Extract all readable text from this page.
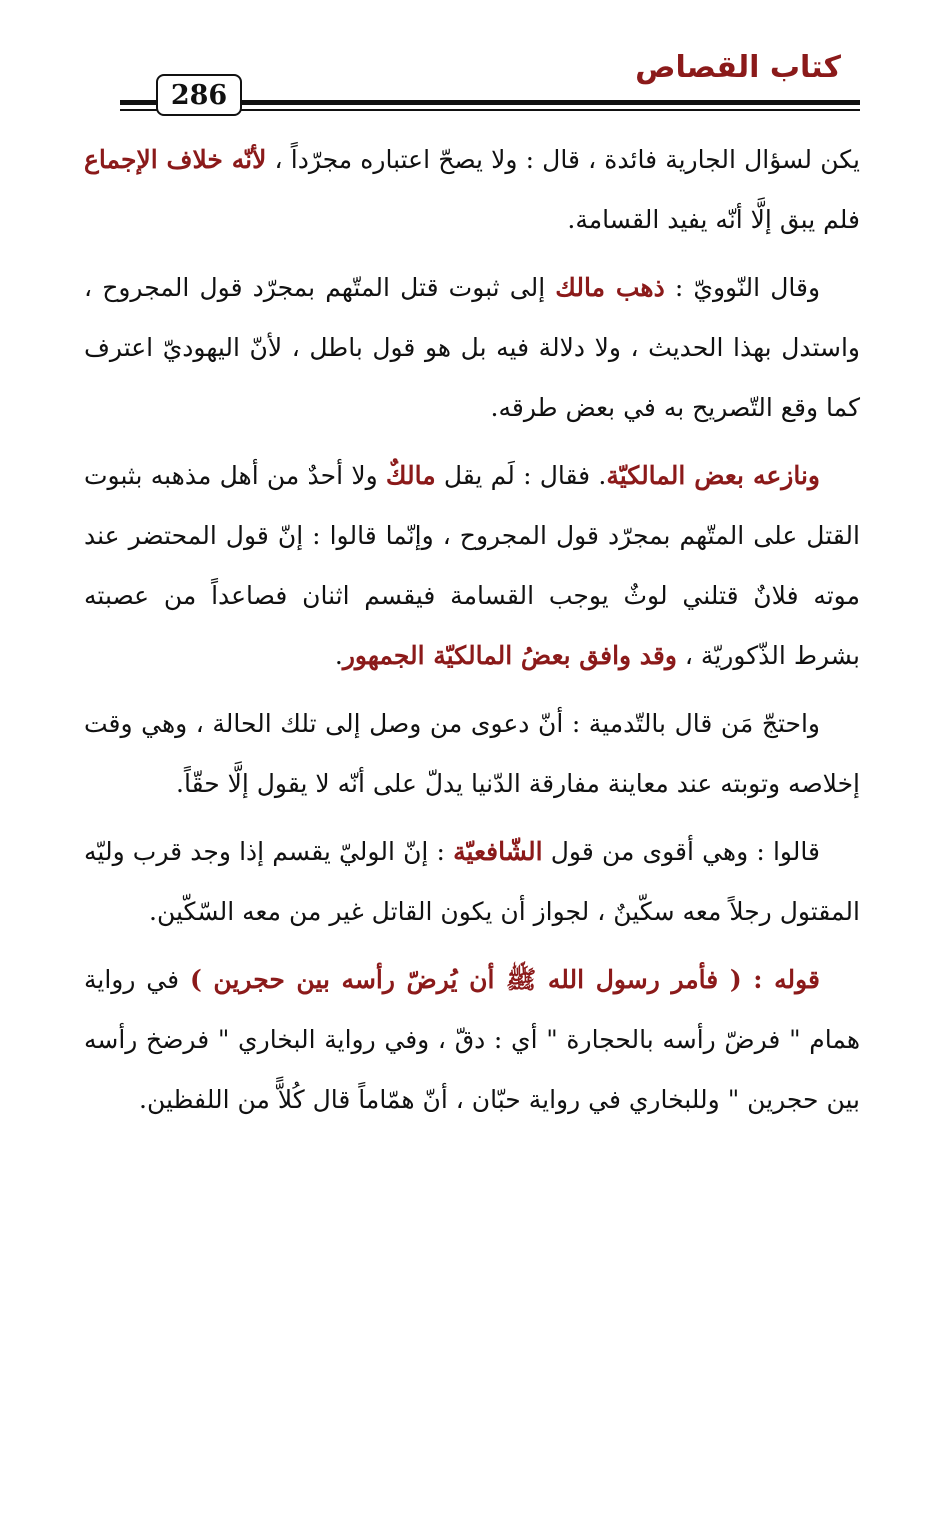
كتاب القصاص
286

يكن لسؤال الجارية فائدة ، قال : ولا يصحّ اعتباره مجرّداً ، لأنّه خلاف الإجماع فلم يبق إلَّا أنّه يفيد القسامة.

وقال النّوويّ : ذهب مالك إلى ثبوت قتل المتّهم بمجرّد قول المجروح ، واستدل بهذا الحديث ، ولا دلالة فيه بل هو قول باطل ، لأنّ اليهوديّ اعترف كما وقع التّصريح به في بعض طرقه.

ونازعه بعض المالكيّة. فقال : لَم يقل مالكٌ ولا أحدٌ من أهل مذهبه بثبوت القتل على المتّهم بمجرّد قول المجروح ، وإنّما قالوا : إنّ قول المحتضر عند موته فلانٌ قتلني لوثٌ يوجب القسامة فيقسم اثنان فصاعداً من عصبته بشرط الذّكوريّة ، وقد وافق بعضُ المالكيّة الجمهور.

واحتجّ مَن قال بالتّدمية : أنّ دعوى من وصل إلى تلك الحالة ، وهي وقت إخلاصه وتوبته عند معاينة مفارقة الدّنيا يدلّ على أنّه لا يقول إلَّا حقّاً.

قالوا : وهي أقوى من قول الشّافعيّة : إنّ الوليّ يقسم إذا وجد قرب وليّه المقتول رجلاً معه سكّينٌ ، لجواز أن يكون القاتل غير من معه السّكّين.

قوله : ( فأمر رسول الله ﷺ أن يُرضّ رأسه بين حجرين ) في رواية همام " فرضّ رأسه بالحجارة " أي : دقّ ، وفي رواية البخاري " فرضخ رأسه بين حجرين " وللبخاري في رواية حبّان ، أنّ همّاماً قال كُلاًّ من اللفظين.
